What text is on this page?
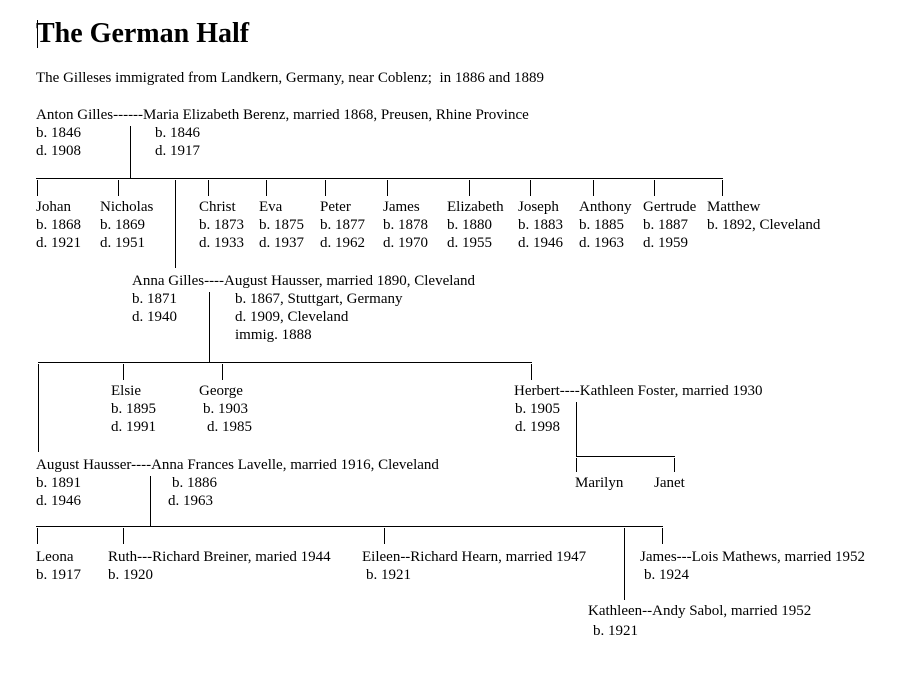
The German Half
The Gilleses immigrated from Landkern, Germany, near Coblenz;  in 1886 and 1889
Anton Gilles------Maria Elizabeth Berenz, married 1868, Preusen, Rhine Province
b. 1846
d. 1908
b. 1846
d. 1917
Johan
b. 1868
d. 1921
Nicholas
b. 1869
d. 1951
Christ
b. 1873
d. 1933
Eva
b. 1875
d. 1937
Peter
b. 1877
d. 1962
James
b. 1878
d. 1970
Elizabeth
b. 1880
d. 1955
Joseph
b. 1883
d. 1946
Anthony
b. 1885
d. 1963
Gertrude
b. 1887
d. 1959
Matthew
b. 1892, Cleveland
Anna Gilles----August Hausser, married 1890, Cleveland
b. 1871
d. 1940
b. 1867, Stuttgart, Germany
d. 1909, Cleveland
immig. 1888
Elsie
b. 1895
d. 1991
George
b. 1903
d. 1985
Herbert----Kathleen Foster, married 1930
b. 1905
d. 1998
Marilyn Janet
August Hausser----Anna Frances Lavelle, married 1916, Cleveland
b. 1891
d. 1946
b. 1886
d. 1963
Leona
b. 1917
Ruth---Richard Breiner, maried 1944
b. 1920
Eileen--Richard Hearn, married 1947
b. 1921
James---Lois Mathews, married 1952
b. 1924
Kathleen--Andy Sabol, married 1952
b. 1921
